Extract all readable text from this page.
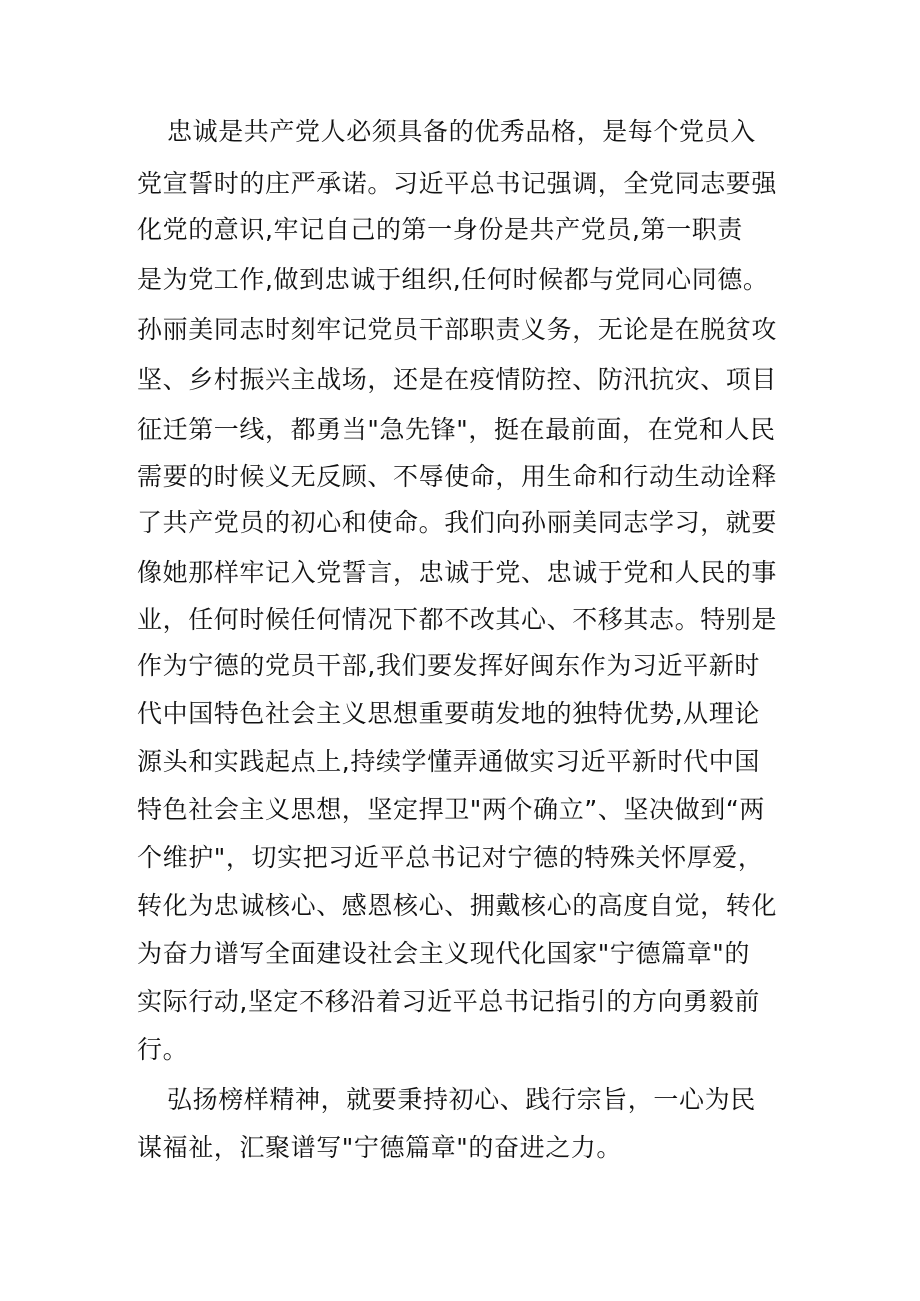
忠诚是共产党人必须具备的优秀品格，是每个党员入
党宣誓时的庄严承诺。习近平总书记强调，全党同志要强
化党的意识,牢记自己的第一身份是共产党员,第一职责
是为党工作,做到忠诚于组织,任何时候都与党同心同德。
孙丽美同志时刻牢记党员干部职责义务，无论是在脱贫攻
坚、乡村振兴主战场，还是在疫情防控、防汛抗灾、项目
征迁第一线，都勇当"急先锋"，挺在最前面，在党和人民
需要的时候义无反顾、不辱使命，用生命和行动生动诠释
了共产党员的初心和使命。我们向孙丽美同志学习，就要
像她那样牢记入党誓言，忠诚于党、忠诚于党和人民的事
业，任何时候任何情况下都不改其心、不移其志。特别是
作为宁德的党员干部,我们要发挥好闽东作为习近平新时
代中国特色社会主义思想重要萌发地的独特优势,从理论
源头和实践起点上,持续学懂弄通做实习近平新时代中国
特色社会主义思想，坚定捍卫"两个确立”、坚决做到“两
个维护"，切实把习近平总书记对宁德的特殊关怀厚爱，
转化为忠诚核心、感恩核心、拥戴核心的高度自觉，转化
为奋力谱写全面建设社会主义现代化国家"宁德篇章"的
实际行动,坚定不移沿着习近平总书记指引的方向勇毅前
行。
弘扬榜样精神，就要秉持初心、践行宗旨，一心为民
谋福祉，汇聚谱写"宁德篇章"的奋进之力。
